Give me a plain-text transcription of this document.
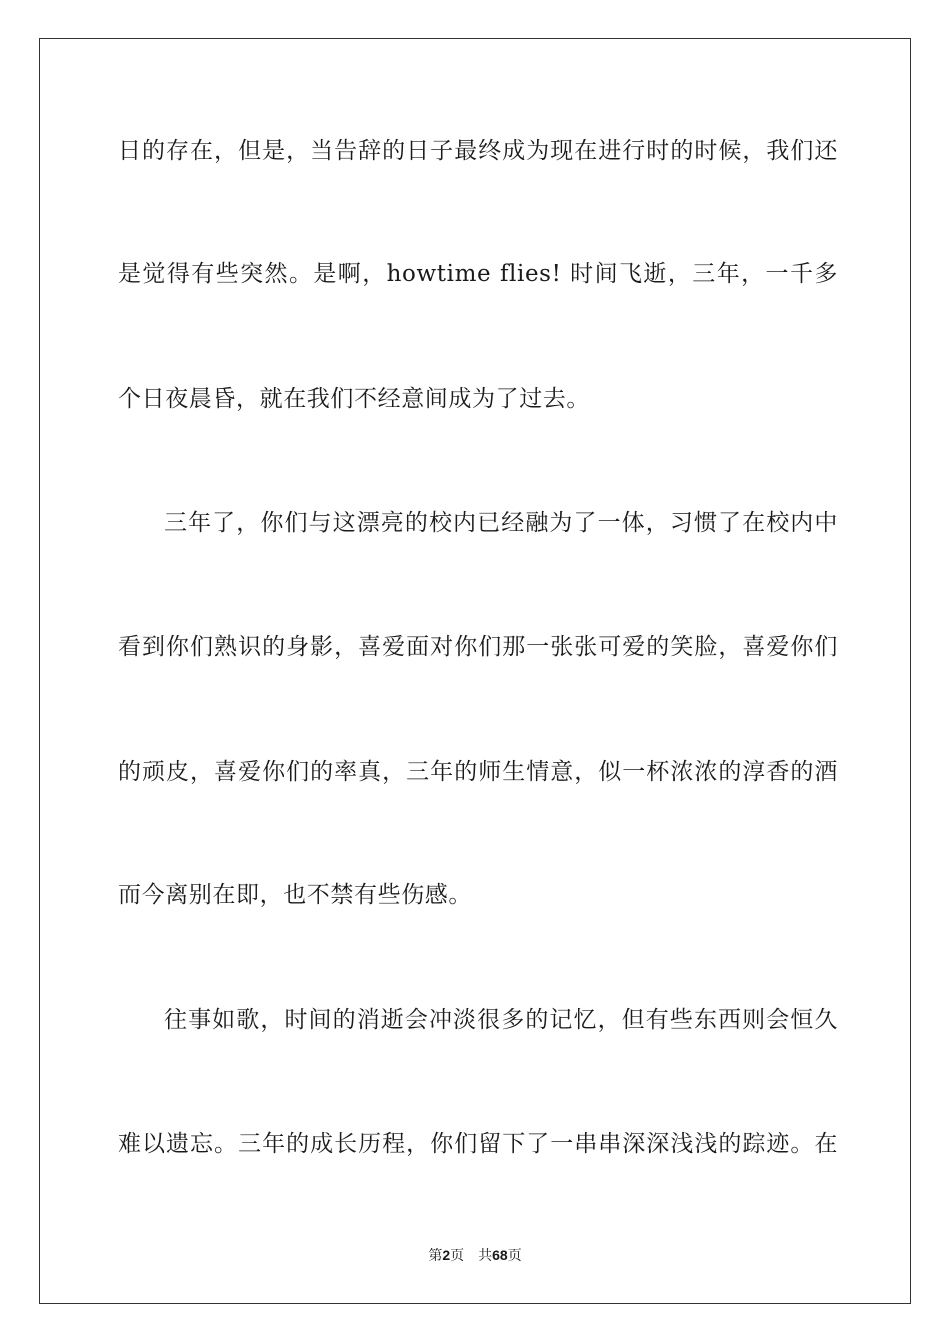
日的存在，但是，当告辞的日子最终成为现在进行时的时候，我们还
是觉得有些突然。是啊，howtime flies! 时间飞逝，三年，一千多
个日夜晨昏，就在我们不经意间成为了过去。
三年了，你们与这漂亮的校内已经融为了一体，习惯了在校内中
看到你们熟识的身影，喜爱面对你们那一张张可爱的笑脸，喜爱你们
的顽皮，喜爱你们的率真，三年的师生情意，似一杯浓浓的淳香的酒
而今离别在即，也不禁有些伤感。
往事如歌，时间的消逝会冲淡很多的记忆，但有些东西则会恒久
难以遗忘。三年的成长历程，你们留下了一串串深深浅浅的踪迹。在
第2页 共68页
